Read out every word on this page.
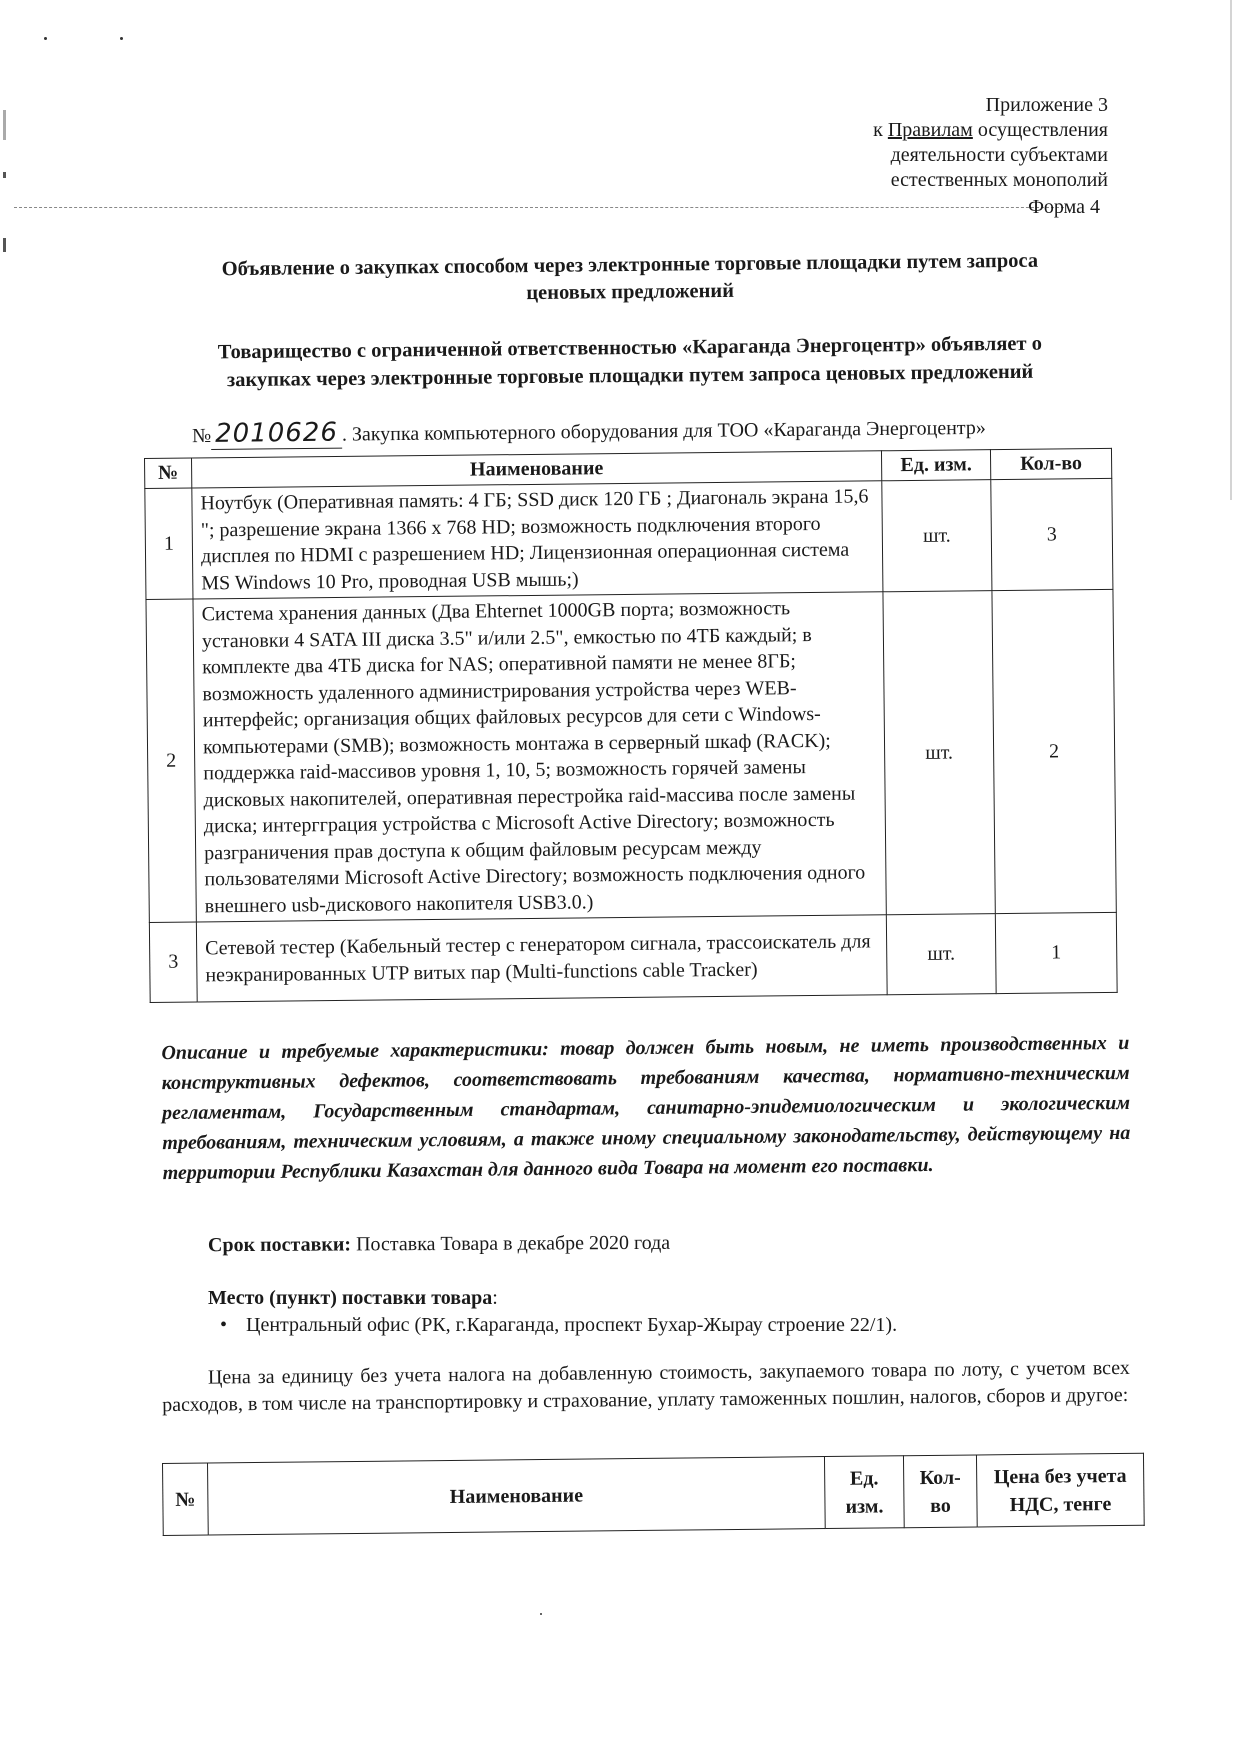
Приложение 3
к Правилам осуществления
деятельности субъектами
естественных монополий
Форма 4
Объявление о закупках способом через электронные торговые площадки путем запроса
ценовых предложений
Товарищество с ограниченной ответственностью «Караганда Энергоцентр» объявляет о
закупках через электронные торговые площадки путем запроса ценовых предложений
№ 2010626 . Закупка компьютерного оборудования для ТОО «Караганда Энергоцентр»
№	Наименование	Ед. изм.	Кол-во
1	Ноутбук (Оперативная память: 4 ГБ; SSD диск 120 ГБ ; Диагональ экрана 15,6 "; разрешение экрана 1366 x 768 HD; возможность подключения второго дисплея по HDMI с разрешением HD; Лицензионная операционная система MS Windows 10 Pro, проводная USB мышь;)	шт.	3
2	Система хранения данных (Два Ehternet 1000GB порта; возможность установки 4 SATA III диска 3.5" и/или 2.5", емкостью по 4ТБ каждый; в комплекте два 4ТБ диска for NAS; оперативной памяти не менее 8ГБ; возможность удаленного администрирования устройства через WEB-интерфейс; организация общих файловых ресурсов для сети с Windows-компьютерами (SMB); возможность монтажа в серверный шкаф (RACK); поддержка raid-массивов уровня 1, 10, 5; возможность горячей замены дисковых накопителей, оперативная перестройка raid-массива после замены диска; интергграция устройства с Microsoft Active Directory; возможность разграничения прав доступа к общим файловым ресурсам между пользователями Microsoft Active Directory; возможность подключения одного внешнего usb-дискового накопителя USB3.0.)	шт.	2
3	Сетевой тестер (Кабельный тестер с генератором сигнала, трассоискатель для неэкранированных UTP витых пар (Multi-functions cable Tracker)	шт.	1
Описание и требуемые характеристики: товар должен быть новым, не иметь производственных и конструктивных дефектов, соответствовать требованиям качества, нормативно-техническим регламентам, Государственным стандартам, санитарно-эпидемиологическим и экологическим требованиям, техническим условиям, а также иному специальному законодательству, действующему на территории Республики Казахстан для данного вида Товара на момент его поставки.
Срок поставки: Поставка Товара в декабре 2020 года
Место (пункт) поставки товара:
• Центральный офис (РК, г.Караганда, проспект Бухар-Жырау строение 22/1).
Цена за единицу без учета налога на добавленную стоимость, закупаемого товара по лоту, с учетом всех расходов, в том числе на транспортировку и страхование, уплату таможенных пошлин, налогов, сборов и другое:
№	Наименование	Ед. изм.	Кол-во	Цена без учета НДС, тенге
